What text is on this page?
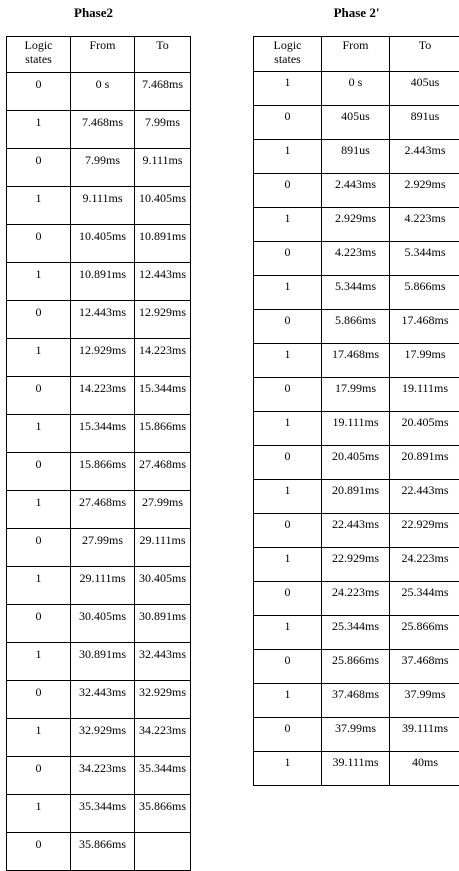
Phase2	Phase 2'
Logic
states	From	To
0	0 s	7.468ms
1	7.468ms	7.99ms
0	7.99ms	9.111ms
1	9.111ms	10.405ms
0	10.405ms	10.891ms
1	10.891ms	12.443ms
0	12.443ms	12.929ms
1	12.929ms	14.223ms
0	14.223ms	15.344ms
1	15.344ms	15.866ms
0	15.866ms	27.468ms
1	27.468ms	27.99ms
0	27.99ms	29.111ms
1	29.111ms	30.405ms
0	30.405ms	30.891ms
1	30.891ms	32.443ms
0	32.443ms	32.929ms
1	32.929ms	34.223ms
0	34.223ms	35.344ms
1	35.344ms	35.866ms
0	35.866ms	
Logic
states	From	To
1	0 s	405us
0	405us	891us
1	891us	2.443ms
0	2.443ms	2.929ms
1	2.929ms	4.223ms
0	4.223ms	5.344ms
1	5.344ms	5.866ms
0	5.866ms	17.468ms
1	17.468ms	17.99ms
0	17.99ms	19.111ms
1	19.111ms	20.405ms
0	20.405ms	20.891ms
1	20.891ms	22.443ms
0	22.443ms	22.929ms
1	22.929ms	24.223ms
0	24.223ms	25.344ms
1	25.344ms	25.866ms
0	25.866ms	37.468ms
1	37.468ms	37.99ms
0	37.99ms	39.111ms
1	39.111ms	40ms
